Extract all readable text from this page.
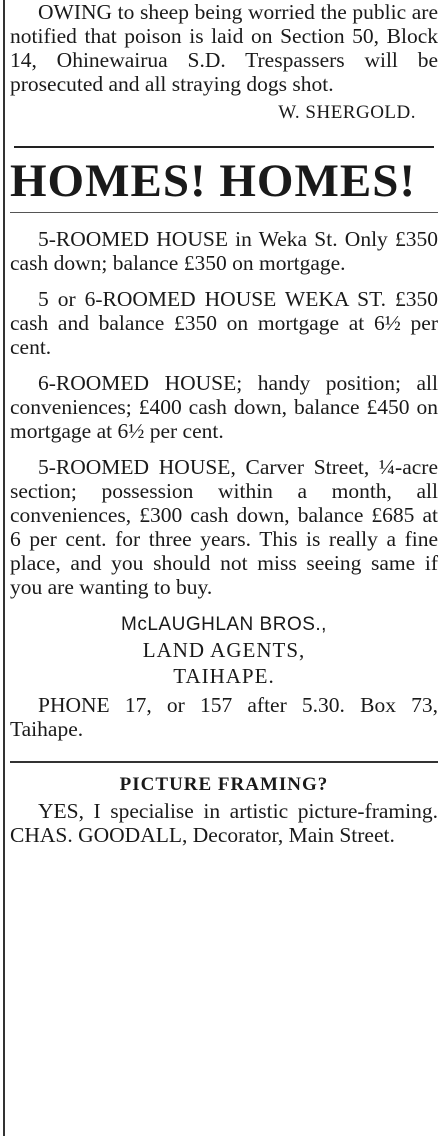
OWING to sheep being worried the public are notified that poison is laid on Section 50, Block 14, Ohinewairua S.D. Trespassers will be prosecuted and all straying dogs shot.

W. SHERGOLD.

HOMES! HOMES!

5-ROOMED HOUSE in Weka St. Only £350 cash down; balance £350 on mortgage.

5 or 6-ROOMED HOUSE WEKA ST. £350 cash and balance £350 on mortgage at 6½ per cent.

6-ROOMED HOUSE; handy position; all conveniences; £400 cash down, balance £450 on mortgage at 6½ per cent.

5-ROOMED HOUSE, Carver Street, ¼-acre section; possession within a month, all conveniences, £300 cash down, balance £685 at 6 per cent. for three years. This is really a fine place, and you should not miss seeing same if you are wanting to buy.

McLAUGHLAN BROS.,

LAND AGENTS,

TAIHAPE.

PHONE 17, or 157 after 5.30. Box 73, Taihape.

PICTURE FRAMING?

YES, I specialise in artistic picture-framing. CHAS. GOODALL, Decorator, Main Street.
